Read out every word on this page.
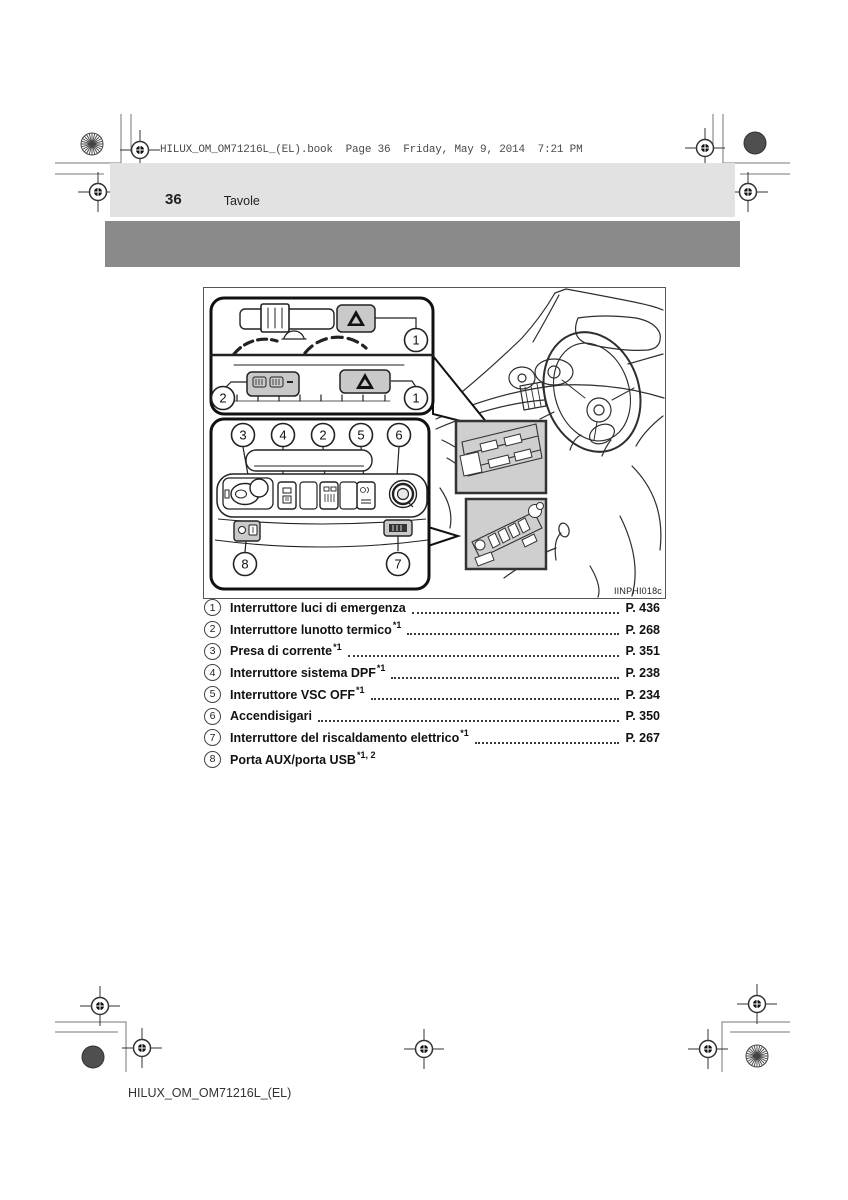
HILUX_OM_OM71216L_(EL).book  Page 36  Friday, May 9, 2014  7:21 PM
36	Tavole
1
1
2
3	4	2 5 6
8	7
IINPHI018c
1	Interruttore luci di emergenza	P. 436
2	Interruttore lunotto termico *1	P. 268
3	Presa di corrente *1	P. 351
4	Interruttore sistema DPF *1	P. 238
5	Interruttore VSC OFF *1	P. 234
6	Accendisigari	P. 350
7	Interruttore del riscaldamento elettrico *1	P. 267
8	Porta AUX/porta USB *1, 2
HILUX_OM_OM71216L_(EL)
